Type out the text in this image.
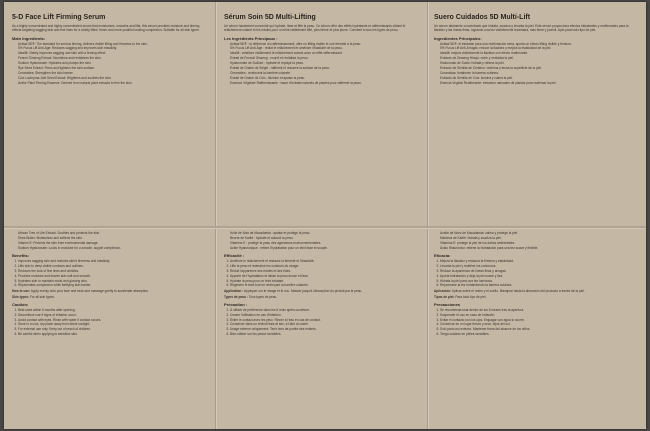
5-D Face Lift Firming Serum

As a highly concentrated and highly concentrated serum that moisturizes, smooths and lifts, this serum provides moisture and firming effects targeting sagging skin and fine lines for a visibly lifted, firmer and more youthful looking complexion. Suitable for all skin types.

Main Ingredients:
• Actisal 5D®: The standard for serious firming, delivers visible lifting and firmness to the skin.
• 5% Fucus Lift Anti-Age: Reduces sagging and improves skin elasticity.
• Idealift: Visibly improves sagging and skin with a firming effect.
• Fennel Ginseng Extract: Nourishes and revitalizes the skin.
• Sodium Hyaluronate: Hydrates and plumps the skin.
• Rye Seed Extract: Firms and tightens the skin surface.
• Ceramides: Strengthen the skin barrier.
• Coix Lachryma-Jobi Seed Extract: Brightens and soothes the skin.
• Active Plant Firming Essence: Derived from natural plant extracts to firm the skin.
• African Tree of Life Extract: Soothes and protects the skin.
• Shea Butter: Moisturizes and softens the skin.
• Vitamin E: Protects the skin from environmental damage.
• Sodium Hyaluronate: Locks in moisture for a smooth, supple complexion.
Benefits:
1. Improves sagging skin and restores skin's firmness and elasticity.
2. Lifts skin to deep visible contours and outlines.
3. Reduces the look of fine lines and wrinkles.
4. Provides moisture and leaves skin soft and smooth.
5. Hydrates skin to maintain moist and glowing skin.
6. Rejuvenates complexion while fortifying skin barrier.

How to use: Apply evenly onto your face and neck and massage gently to accelerate absorption.

Skin types: For all skin types.

Caution:
1. Best used within 6 months after opening.
2. Discontinue use if signs of irritation occur.
3. Avoid contact with eyes. Rinse with water if contact occurs.
4. Store in a cool, dry place away from direct sunlight.
5. For external use only. Keep out of reach of children.
6. Be careful when applying to sensitive skin.
Sérum Soin 5D Multi-Lifting

Un sérum hautement concentré qui hydrate, lisse et lifte la peau. Ce sérum offre des effets hydratants et raffermissants ciblant le relâchement cutané et les ridules pour un teint visiblement lifté, plus ferme et plus jeune. Convient à tous les types de peau.

Les Ingrédients Principaux :
• Actisal 5D® : la référence du raffermissement, offre un lifting visible et une fermeté à la peau.
• 5% Fucus Lift Anti-Âge : réduit le relâchement et améliore l'élasticité de la peau.
• Idealift : améliore visiblement le relâchement cutané avec un effet raffermissant.
• Extrait de Fenouil Ginseng : nourrit et revitalise la peau.
• Hyaluronate de Sodium : hydrate et repulpe la peau.
• Extrait de Graine de Seigle : raffermit et resserre la surface de la peau.
• Céramides : renforcent la barrière cutanée.
• Extrait de Graine de Coix : illumine et apaise la peau.
• Essence Végétale Raffermissante : issue d'extraits naturels de plantes pour raffermir la peau.
• Huile de Noix de Macadamia : apaise et protège la peau.
• Beurre de Karité : hydrate et adoucit la peau.
• Vitamine E : protège la peau des agressions environnementales.
• Acide Hyaluronique : retient l'hydratation pour un teint lisse et souple.
Efficacité :
1. Améliore le relâchement et restaure la fermeté et l'élasticité.
2. Lifte la peau et redessine les contours du visage.
3. Réduit l'apparence des ridules et des rides.
4. Apporte de l'hydratation et laisse la peau douce et lisse.
5. Hydrate la peau pour un teint éclatant.
6. Régénère le teint tout en renforçant la barrière cutanée.

Application : Appliquer sur le visage et le cou. Masser jusqu'à l'absorption du produit par la peau.

Types de peau : Tous types de peau.

Précaution :
1. À utiliser de préférence dans les 6 mois après ouverture.
2. Cesser l'utilisation en cas d'irritation.
3. Éviter le contact avec les yeux. Rincer à l'eau en cas de contact.
4. Conserver dans un endroit frais et sec, à l'abri du soleil.
5. Usage externe uniquement. Tenir hors de portée des enfants.
6. Bien utiliser sur les peaux sensibles.
Suero Cuidados 5D Multi-Lift

Un sérum altamente concentrado que hidrata, suaviza y levanta la piel. Este sérum proporciona efectos hidratantes y reafirmantes para la flacidez y las líneas finas, logrando una tez visiblemente levantada, más firme y juvenil. Apto para todo tipo de piel.

Ingredientes Principales:
• Actisal 5D®: el estándar para una reafirmación seria, aporta un efecto lifting visible y firmeza.
• 5% Fucus Lift Anti-Arrugas: reduce la flacidez y mejora la elasticidad de la piel.
• Idealift: mejora visiblemente la flacidez con efecto reafirmante.
• Extracto de Ginseng Hinojo: nutre y revitaliza la piel.
• Hialuronato de Sodio: hidrata y rellena la piel.
• Extracto de Semilla de Centeno: reafirma y tensa la superficie de la piel.
• Ceramidas: fortalecen la barrera cutánea.
• Extracto de Semilla de Coix: ilumina y calma la piel.
• Esencia Vegetal Reafirmante: extractos naturales de plantas para reafirmar la piel.
• Aceite de Nuez de Macadamia: calma y protege la piel.
• Manteca de Karité: hidrata y suaviza la piel.
• Vitamina E: protege la piel de los daños ambientales.
• Ácido Hialurónico: retiene la hidratación para una tez suave y flexible.
Eficacia:
1. Mejora la flacidez y restaura la firmeza y elasticidad.
2. Levanta la piel y redefine los contornos.
3. Reduce la apariencia de líneas finas y arrugas.
4. Aporta hidratación y deja la piel suave y lisa.
5. Hidrata la piel para una tez luminosa.
6. Rejuvenece la tez fortaleciendo la barrera cutánea.

Aplicación: Aplicar sobre el rostro y el cuello. Masajear hasta la absorción del producto a través de la piel.

Tipos de piel: Para todo tipo de piel.

Precauciones
1. Se recomienda usar dentro de los 6 meses tras la apertura.
2. Suspender el uso en caso de irritación.
3. Evitar el contacto con los ojos. Enjuagar con agua si ocurre.
4. Conservar en un lugar fresco y seco, lejos del sol.
5. Solo para uso externo. Mantener fuera del alcance de los niños.
6. Tenga cuidado en pieles sensibles.
